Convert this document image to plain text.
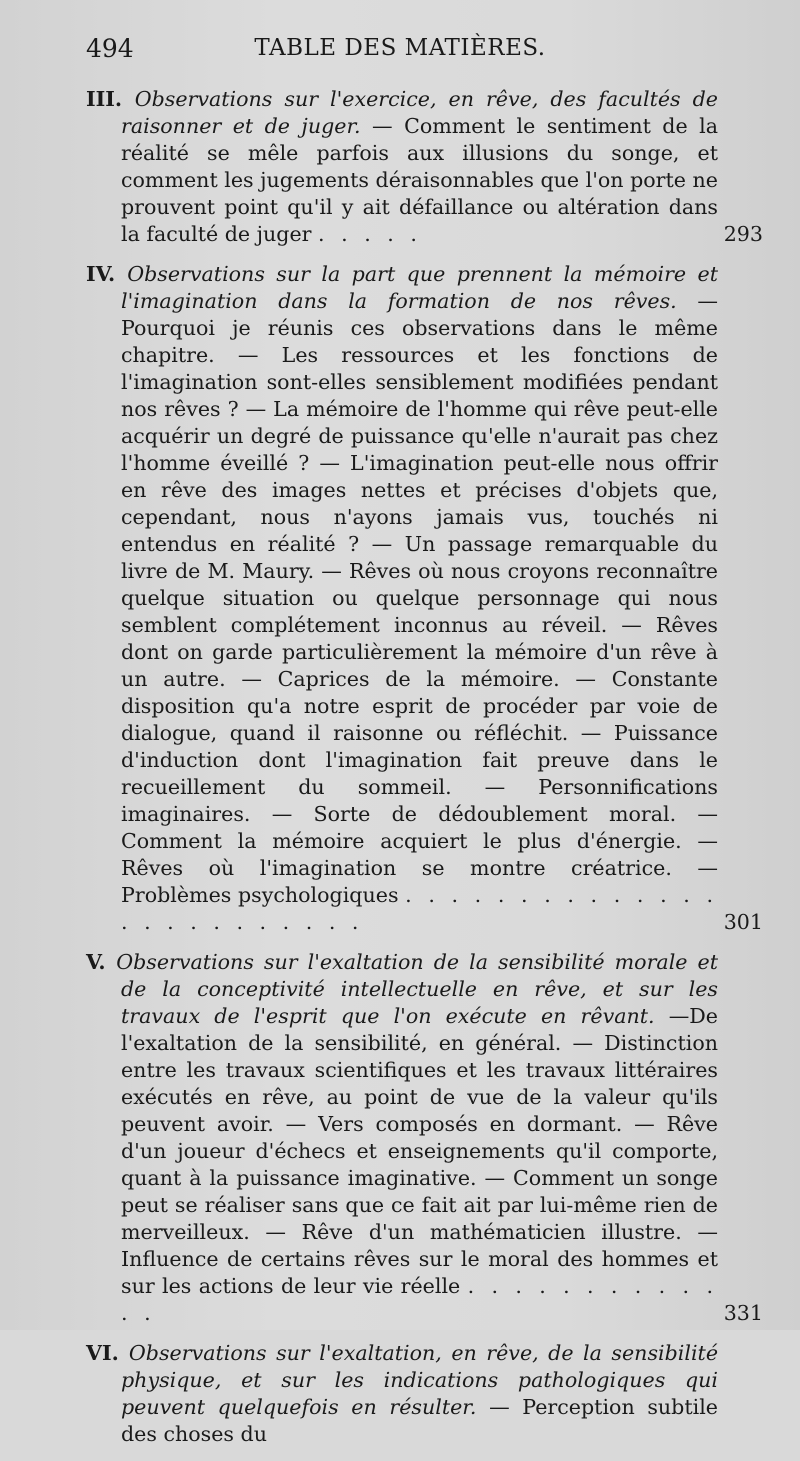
494	TABLE DES MATIÈRES.
III. Observations sur l'exercice, en rêve, des facultés de raisonner et de juger. — Comment le sentiment de la réalité se mêle parfois aux illusions du songe, et comment les jugements déraisonnables que l'on porte ne prouvent point qu'il y ait défaillance ou altération dans la faculté de juger . . . . .	293
IV. Observations sur la part que prennent la mémoire et l'imagination dans la formation de nos rêves. — Pourquoi je réunis ces observations dans le même chapitre. — Les ressources et les fonctions de l'imagination sont-elles sensiblement modifiées pendant nos rêves ? — La mémoire de l'homme qui rêve peut-elle acquérir un degré de puissance qu'elle n'aurait pas chez l'homme éveillé ? — L'imagination peut-elle nous offrir en rêve des images nettes et précises d'objets que, cependant, nous n'ayons jamais vus, touchés ni entendus en réalité ? — Un passage remarquable du livre de M. Maury. — Rêves où nous croyons reconnaître quelque situation ou quelque personnage qui nous semblent complétement inconnus au réveil. — Rêves dont on garde particulièrement la mémoire d'un rêve à un autre. — Caprices de la mémoire. — Constante disposition qu'a notre esprit de procéder par voie de dialogue, quand il raisonne ou réfléchit. — Puissance d'induction dont l'imagination fait preuve dans le recueillement du sommeil. — Personnifications imaginaires. — Sorte de dédoublement moral. — Comment la mémoire acquiert le plus d'énergie. — Rêves où l'imagination se montre créatrice. — Problèmes psychologiques . . . . . . . . . . . . . . . . . . . . . . . . .	301
V. Observations sur l'exaltation de la sensibilité morale et de la conceptivité intellectuelle en rêve, et sur les travaux de l'esprit que l'on exécute en rêvant. —De l'exaltation de la sensibilité, en général. — Distinction entre les travaux scientifiques et les travaux littéraires exécutés en rêve, au point de vue de la valeur qu'ils peuvent avoir. — Vers composés en dormant. — Rêve d'un joueur d'échecs et enseignements qu'il comporte, quant à la puissance imaginative. — Comment un songe peut se réaliser sans que ce fait ait par lui-même rien de merveilleux. — Rêve d'un mathématicien illustre. — Influence de certains rêves sur le moral des hommes et sur les actions de leur vie réelle . . . . . . . . . . . . .	331
VI. Observations sur l'exaltation, en rêve, de la sensibilité physique, et sur les indications pathologiques qui peuvent quelquefois en résulter. — Perception subtile des choses du
